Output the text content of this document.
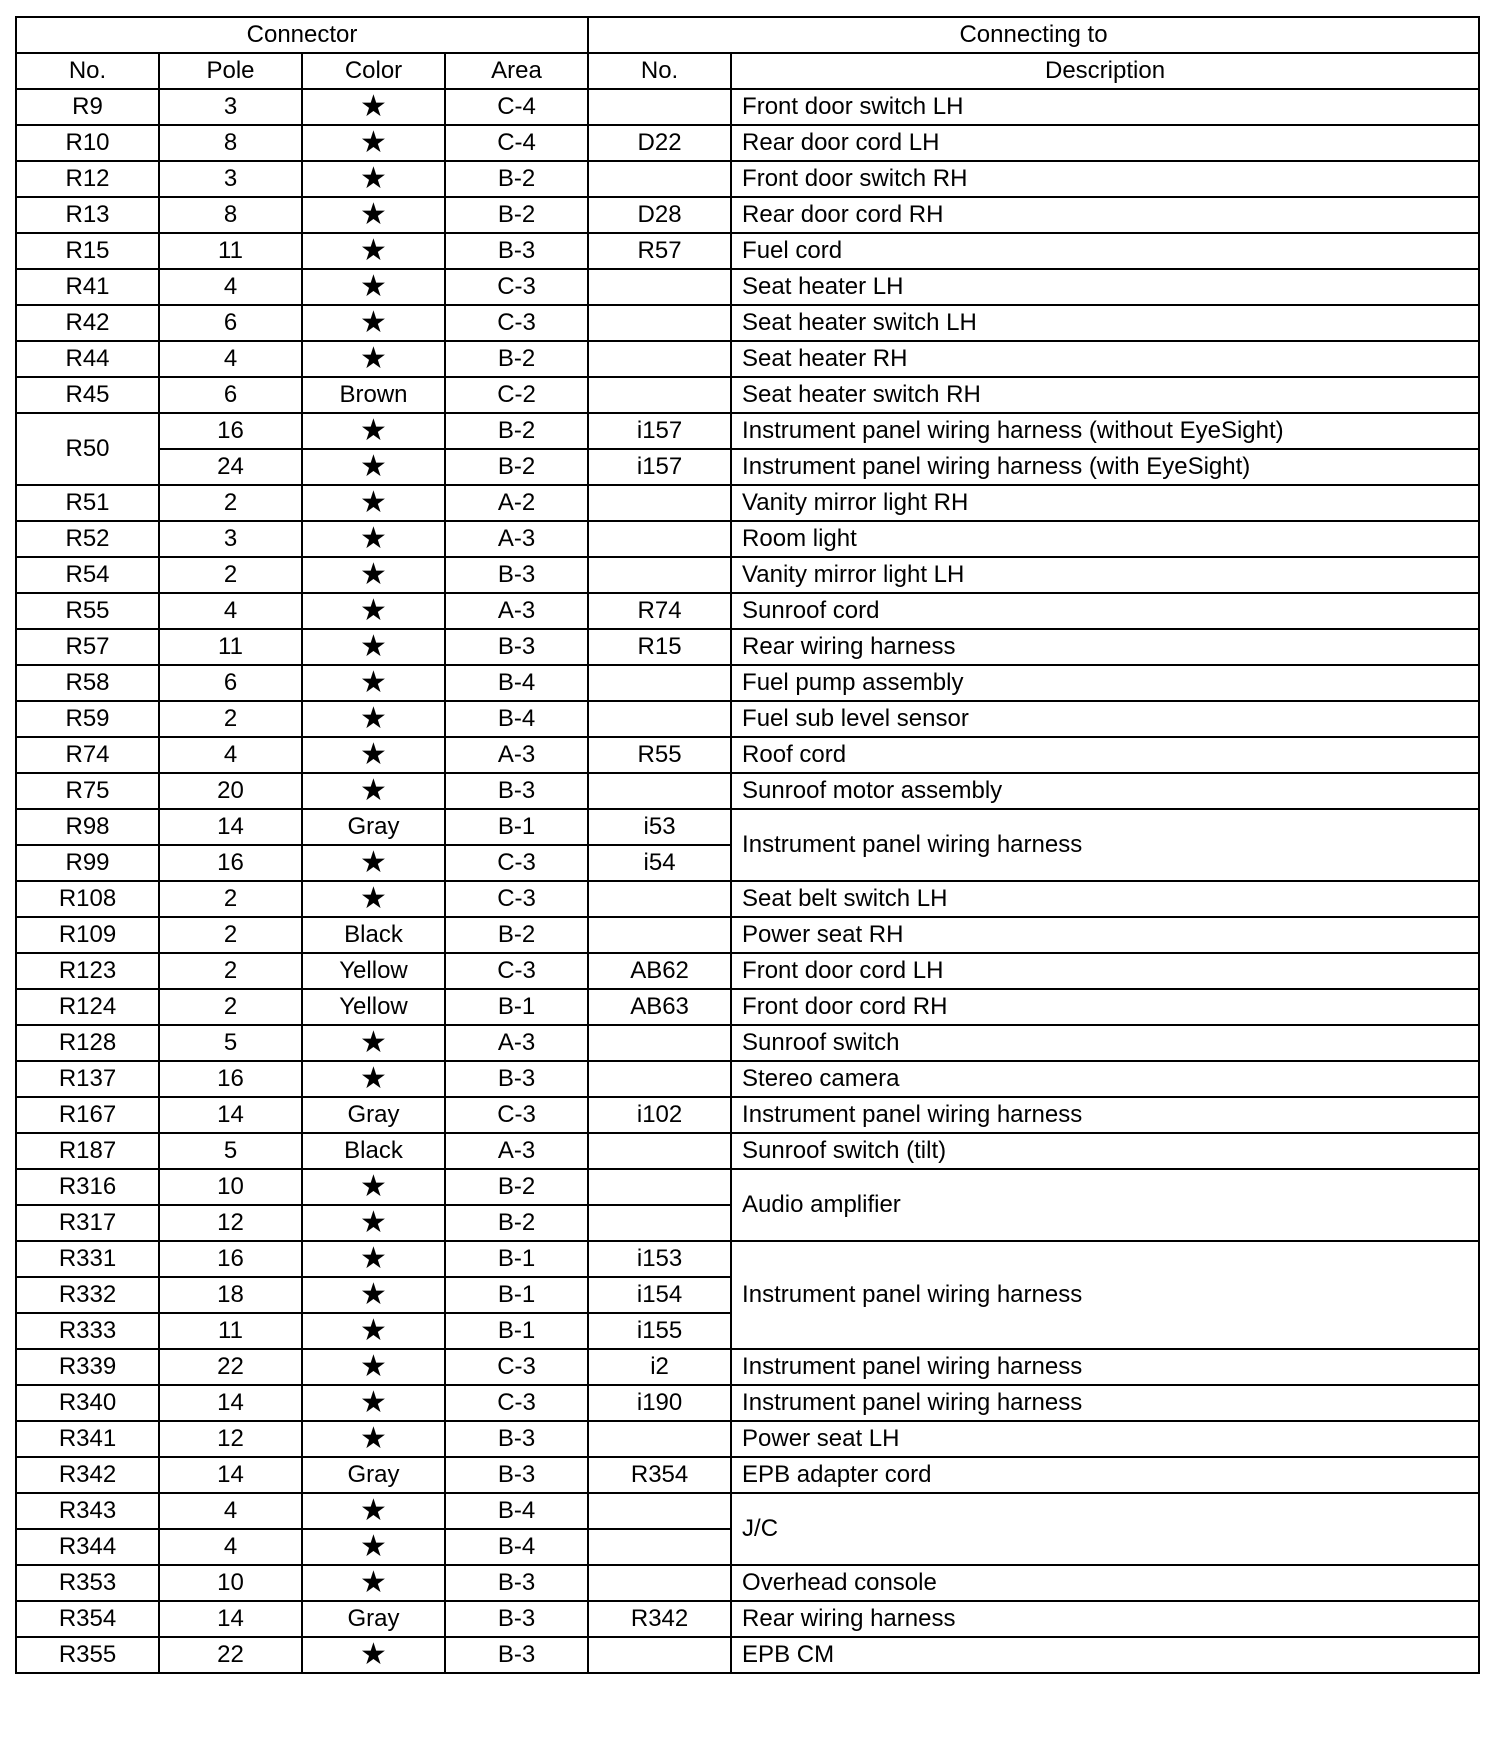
Connector				Connecting to	
No.	Pole	Color	Area	No.	Description
R9	3	★	C-4		Front door switch LH
R10	8	★	C-4	D22	Rear door cord LH
R12	3	★	B-2		Front door switch RH
R13	8	★	B-2	D28	Rear door cord RH
R15	11	★	B-3	R57	Fuel cord
R41	4	★	C-3		Seat heater LH
R42	6	★	C-3		Seat heater switch LH
R44	4	★	B-2		Seat heater RH
R45	6	Brown	C-2		Seat heater switch RH
R50	16	★	B-2	i157	Instrument panel wiring harness (without EyeSight)
	24	★	B-2	i157	Instrument panel wiring harness (with EyeSight)
R51	2	★	A-2		Vanity mirror light RH
R52	3	★	A-3		Room light
R54	2	★	B-3		Vanity mirror light LH
R55	4	★	A-3	R74	Sunroof cord
R57	11	★	B-3	R15	Rear wiring harness
R58	6	★	B-4		Fuel pump assembly
R59	2	★	B-4		Fuel sub level sensor
R74	4	★	A-3	R55	Roof cord
R75	20	★	B-3		Sunroof motor assembly
R98	14	Gray	B-1	i53	Instrument panel wiring harness
R99	16	★	C-3	i54	
R108	2	★	C-3		Seat belt switch LH
R109	2	Black	B-2		Power seat RH
R123	2	Yellow	C-3	AB62	Front door cord LH
R124	2	Yellow	B-1	AB63	Front door cord RH
R128	5	★	A-3		Sunroof switch
R137	16	★	B-3		Stereo camera
R167	14	Gray	C-3	i102	Instrument panel wiring harness
R187	5	Black	A-3		Sunroof switch (tilt)
R316	10	★	B-2		Audio amplifier
R317	12	★	B-2		
R331	16	★	B-1	i153	Instrument panel wiring harness
R332	18	★	B-1	i154	
R333	11	★	B-1	i155	
R339	22	★	C-3	i2	Instrument panel wiring harness
R340	14	★	C-3	i190	Instrument panel wiring harness
R341	12	★	B-3		Power seat LH
R342	14	Gray	B-3	R354	EPB adapter cord
R343	4	★	B-4		J/C
R344	4	★	B-4		
R353	10	★	B-3		Overhead console
R354	14	Gray	B-3	R342	Rear wiring harness
R355	22	★	B-3		EPB CM
